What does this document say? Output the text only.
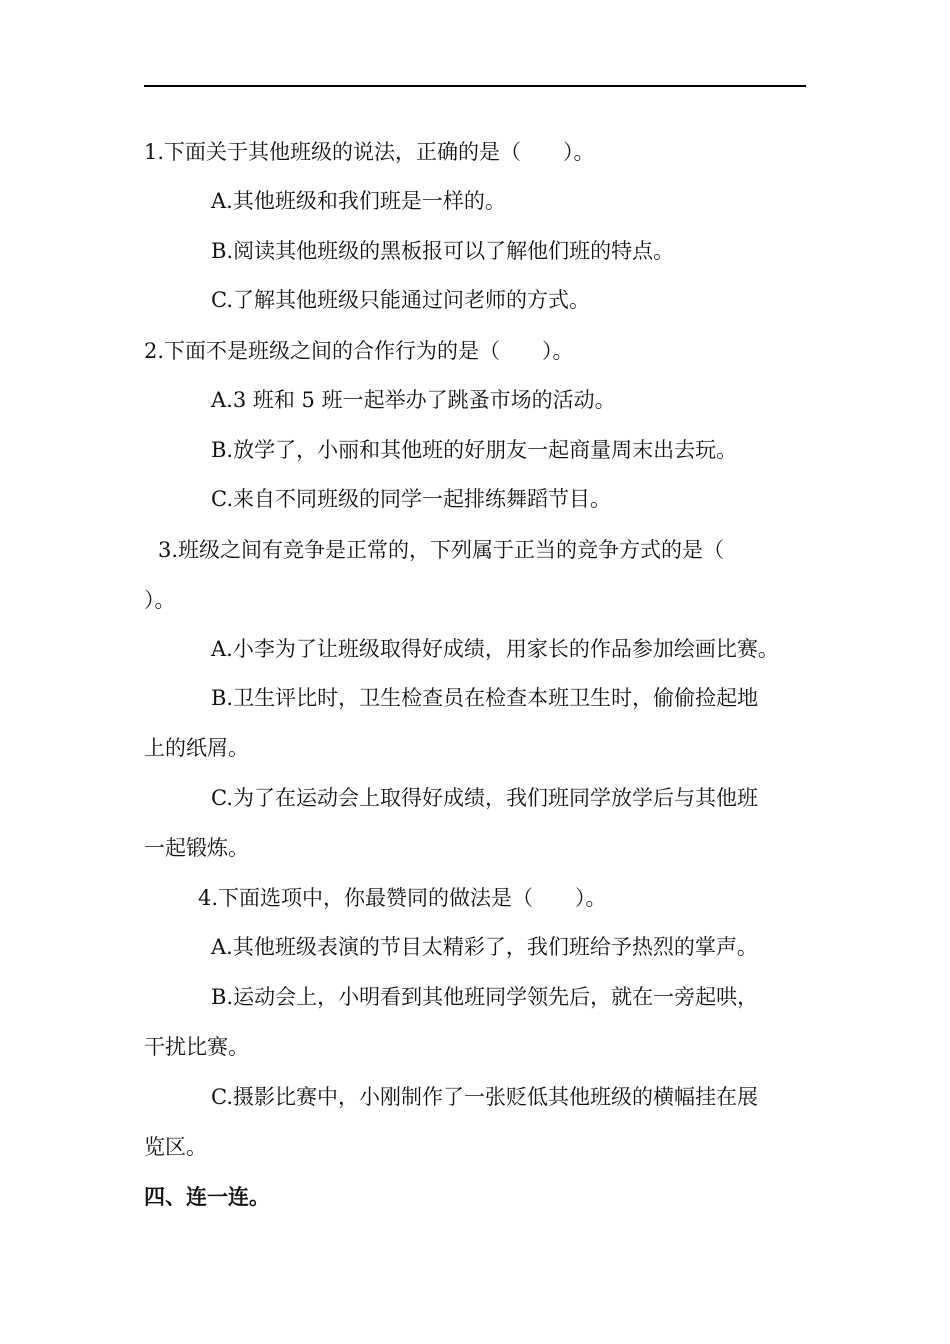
1.下面关于其他班级的说法，正确的是（　　）。
A.其他班级和我们班是一样的。
B.阅读其他班级的黑板报可以了解他们班的特点。
C.了解其他班级只能通过问老师的方式。
2.下面不是班级之间的合作行为的是（　　）。
A.3 班和 5 班一起举办了跳蚤市场的活动。
B.放学了，小丽和其他班的好朋友一起商量周末出去玩。
C.来自不同班级的同学一起排练舞蹈节目。
3.班级之间有竞争是正常的，下列属于正当的竞争方式的是（
）。
A.小李为了让班级取得好成绩，用家长的作品参加绘画比赛。
B.卫生评比时，卫生检查员在检查本班卫生时，偷偷捡起地
上的纸屑。
C.为了在运动会上取得好成绩，我们班同学放学后与其他班
一起锻炼。
4.下面选项中，你最赞同的做法是（　　）。
A.其他班级表演的节目太精彩了，我们班给予热烈的掌声。
B.运动会上，小明看到其他班同学领先后，就在一旁起哄，
干扰比赛。
C.摄影比赛中，小刚制作了一张贬低其他班级的横幅挂在展
览区。
四、连一连。
